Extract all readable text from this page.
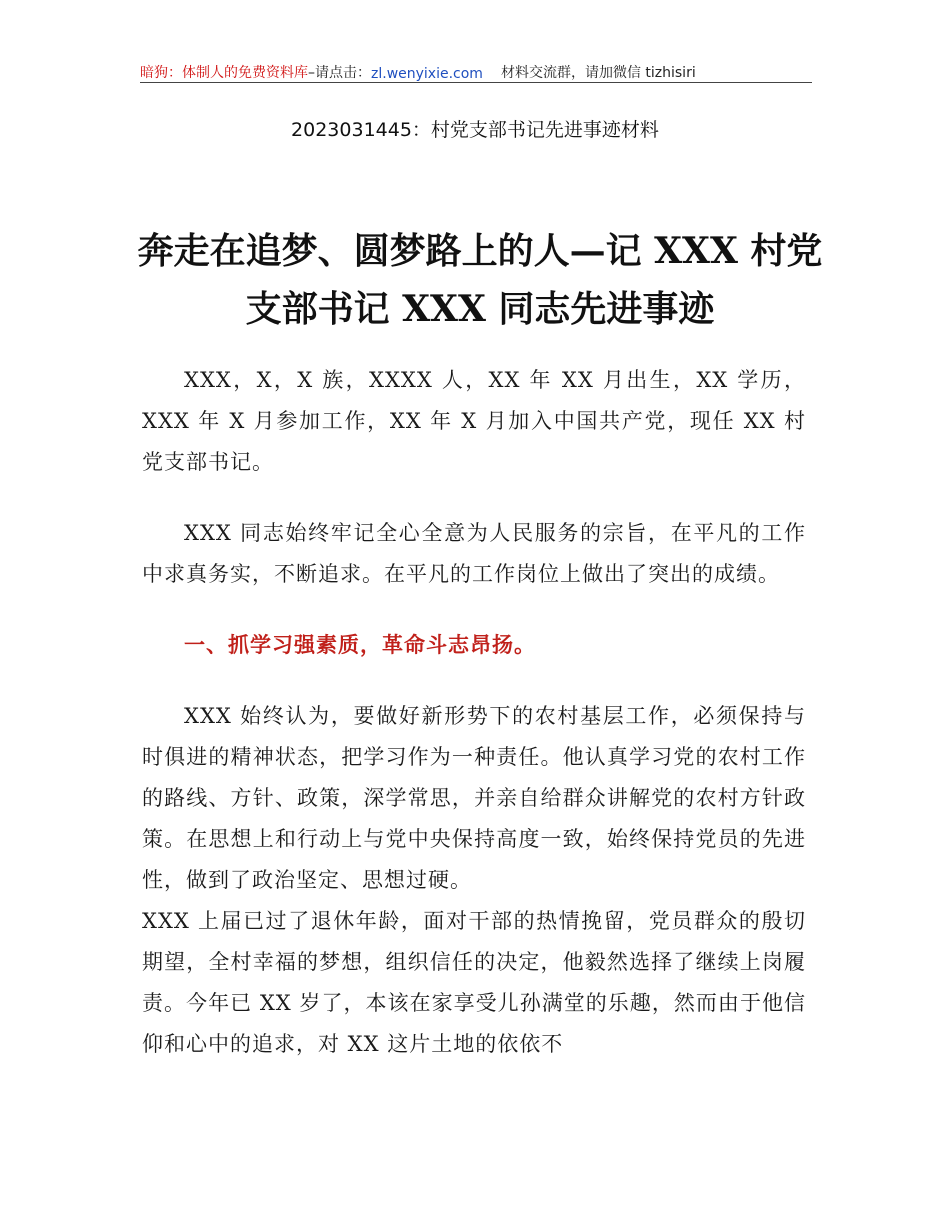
暗狗：体制人的免费资料库 –请点击： zl.wenyixie.com 材料交流群，请加微信 tizhisiri
2023031445：村党支部书记先进事迹材料
奔走在追梦、圆梦路上的人—记 XXX 村党支部书记 XXX 同志先进事迹

XXX，X，X 族，XXXX 人，XX 年 XX 月出生，XX 学历，XXX 年 X 月参加工作，XX 年 X 月加入中国共产党，现任 XX 村党支部书记。

XXX 同志始终牢记全心全意为人民服务的宗旨，在平凡的工作中求真务实，不断追求。在平凡的工作岗位上做出了突出的成绩。

一、抓学习强素质，革命斗志昂扬。

XXX 始终认为，要做好新形势下的农村基层工作，必须保持与时俱进的精神状态，把学习作为一种责任。他认真学习党的农村工作的路线、方针、政策，深学常思，并亲自给群众讲解党的农村方针政策。在思想上和行动上与党中央保持高度一致，始终保持党员的先进性，做到了政治坚定、思想过硬。

XXX 上届已过了退休年龄，面对干部的热情挽留，党员群众的殷切期望，全村幸福的梦想，组织信任的决定，他毅然选择了继续上岗履责。今年已 XX 岁了，本该在家享受儿孙满堂的乐趣，然而由于他信仰和心中的追求，对 XX 这片土地的依依不
